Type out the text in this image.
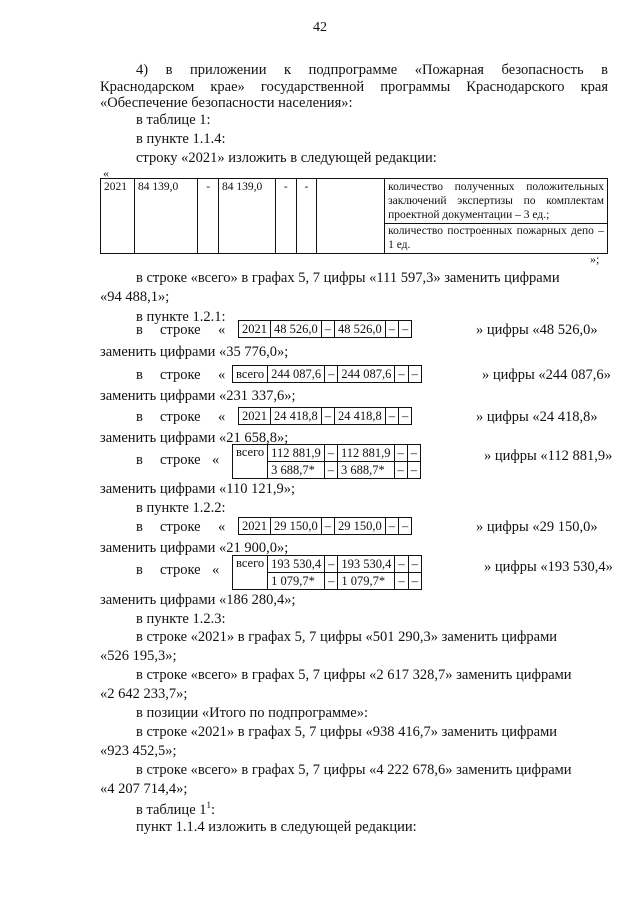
42
4) в приложении к подпрограмме «Пожарная безопасность в Краснодарском крае» государственной программы Краснодарского края «Обеспечение безопасности населения»:
в таблице 1:
в пункте 1.1.4:
строку «2021» изложить в следующей редакции:
«
2021	84 139,0	-	84 139,0	-	-		количество полученных положительных заключений экспертизы по комплектам проектной документации – 3 ед.;
количество построенных пожарных депо – 1 ед.
»;
в строке «всего» в графах 5, 7 цифры «111 597,3» заменить цифрами
«94 488,1»;
в пункте 1.2.1:
в строке « 2021	48 526,0	–	48 526,0	–	–	» цифры «48 526,0»
заменить цифрами «35 776,0»;
в строке « всего	244 087,6	–	244 087,6	–	–	» цифры «244 087,6»
заменить цифрами «231 337,6»;
в строке « 2021	24 418,8	–	24 418,8	–	–	» цифры «24 418,8»
заменить цифрами «21 658,8»;
в строке « всего	112 881,9	–	112 881,9	–	–
	3 688,7*	–	3 688,7*	–	–
» цифры «112 881,9»
заменить цифрами «110 121,9»;
в пункте 1.2.2:
в строке « 2021	29 150,0	–	29 150,0	–	–	» цифры «29 150,0»
заменить цифрами «21 900,0»;
в строке « всего	193 530,4	–	193 530,4	–	–
	1 079,7*	–	1 079,7*	–	–
» цифры «193 530,4»
заменить цифрами «186 280,4»;
в пункте 1.2.3:
в строке «2021» в графах 5, 7 цифры «501 290,3» заменить цифрами
«526 195,3»;
в строке «всего» в графах 5, 7 цифры «2 617 328,7» заменить цифрами
«2 642 233,7»;
в позиции «Итого по подпрограмме»:
в строке «2021» в графах 5, 7 цифры «938 416,7» заменить цифрами
«923 452,5»;
в строке «всего» в графах 5, 7 цифры «4 222 678,6» заменить цифрами
«4 207 714,4»;
в таблице $1^1$:
пункт 1.1.4 изложить в следующей редакции:
